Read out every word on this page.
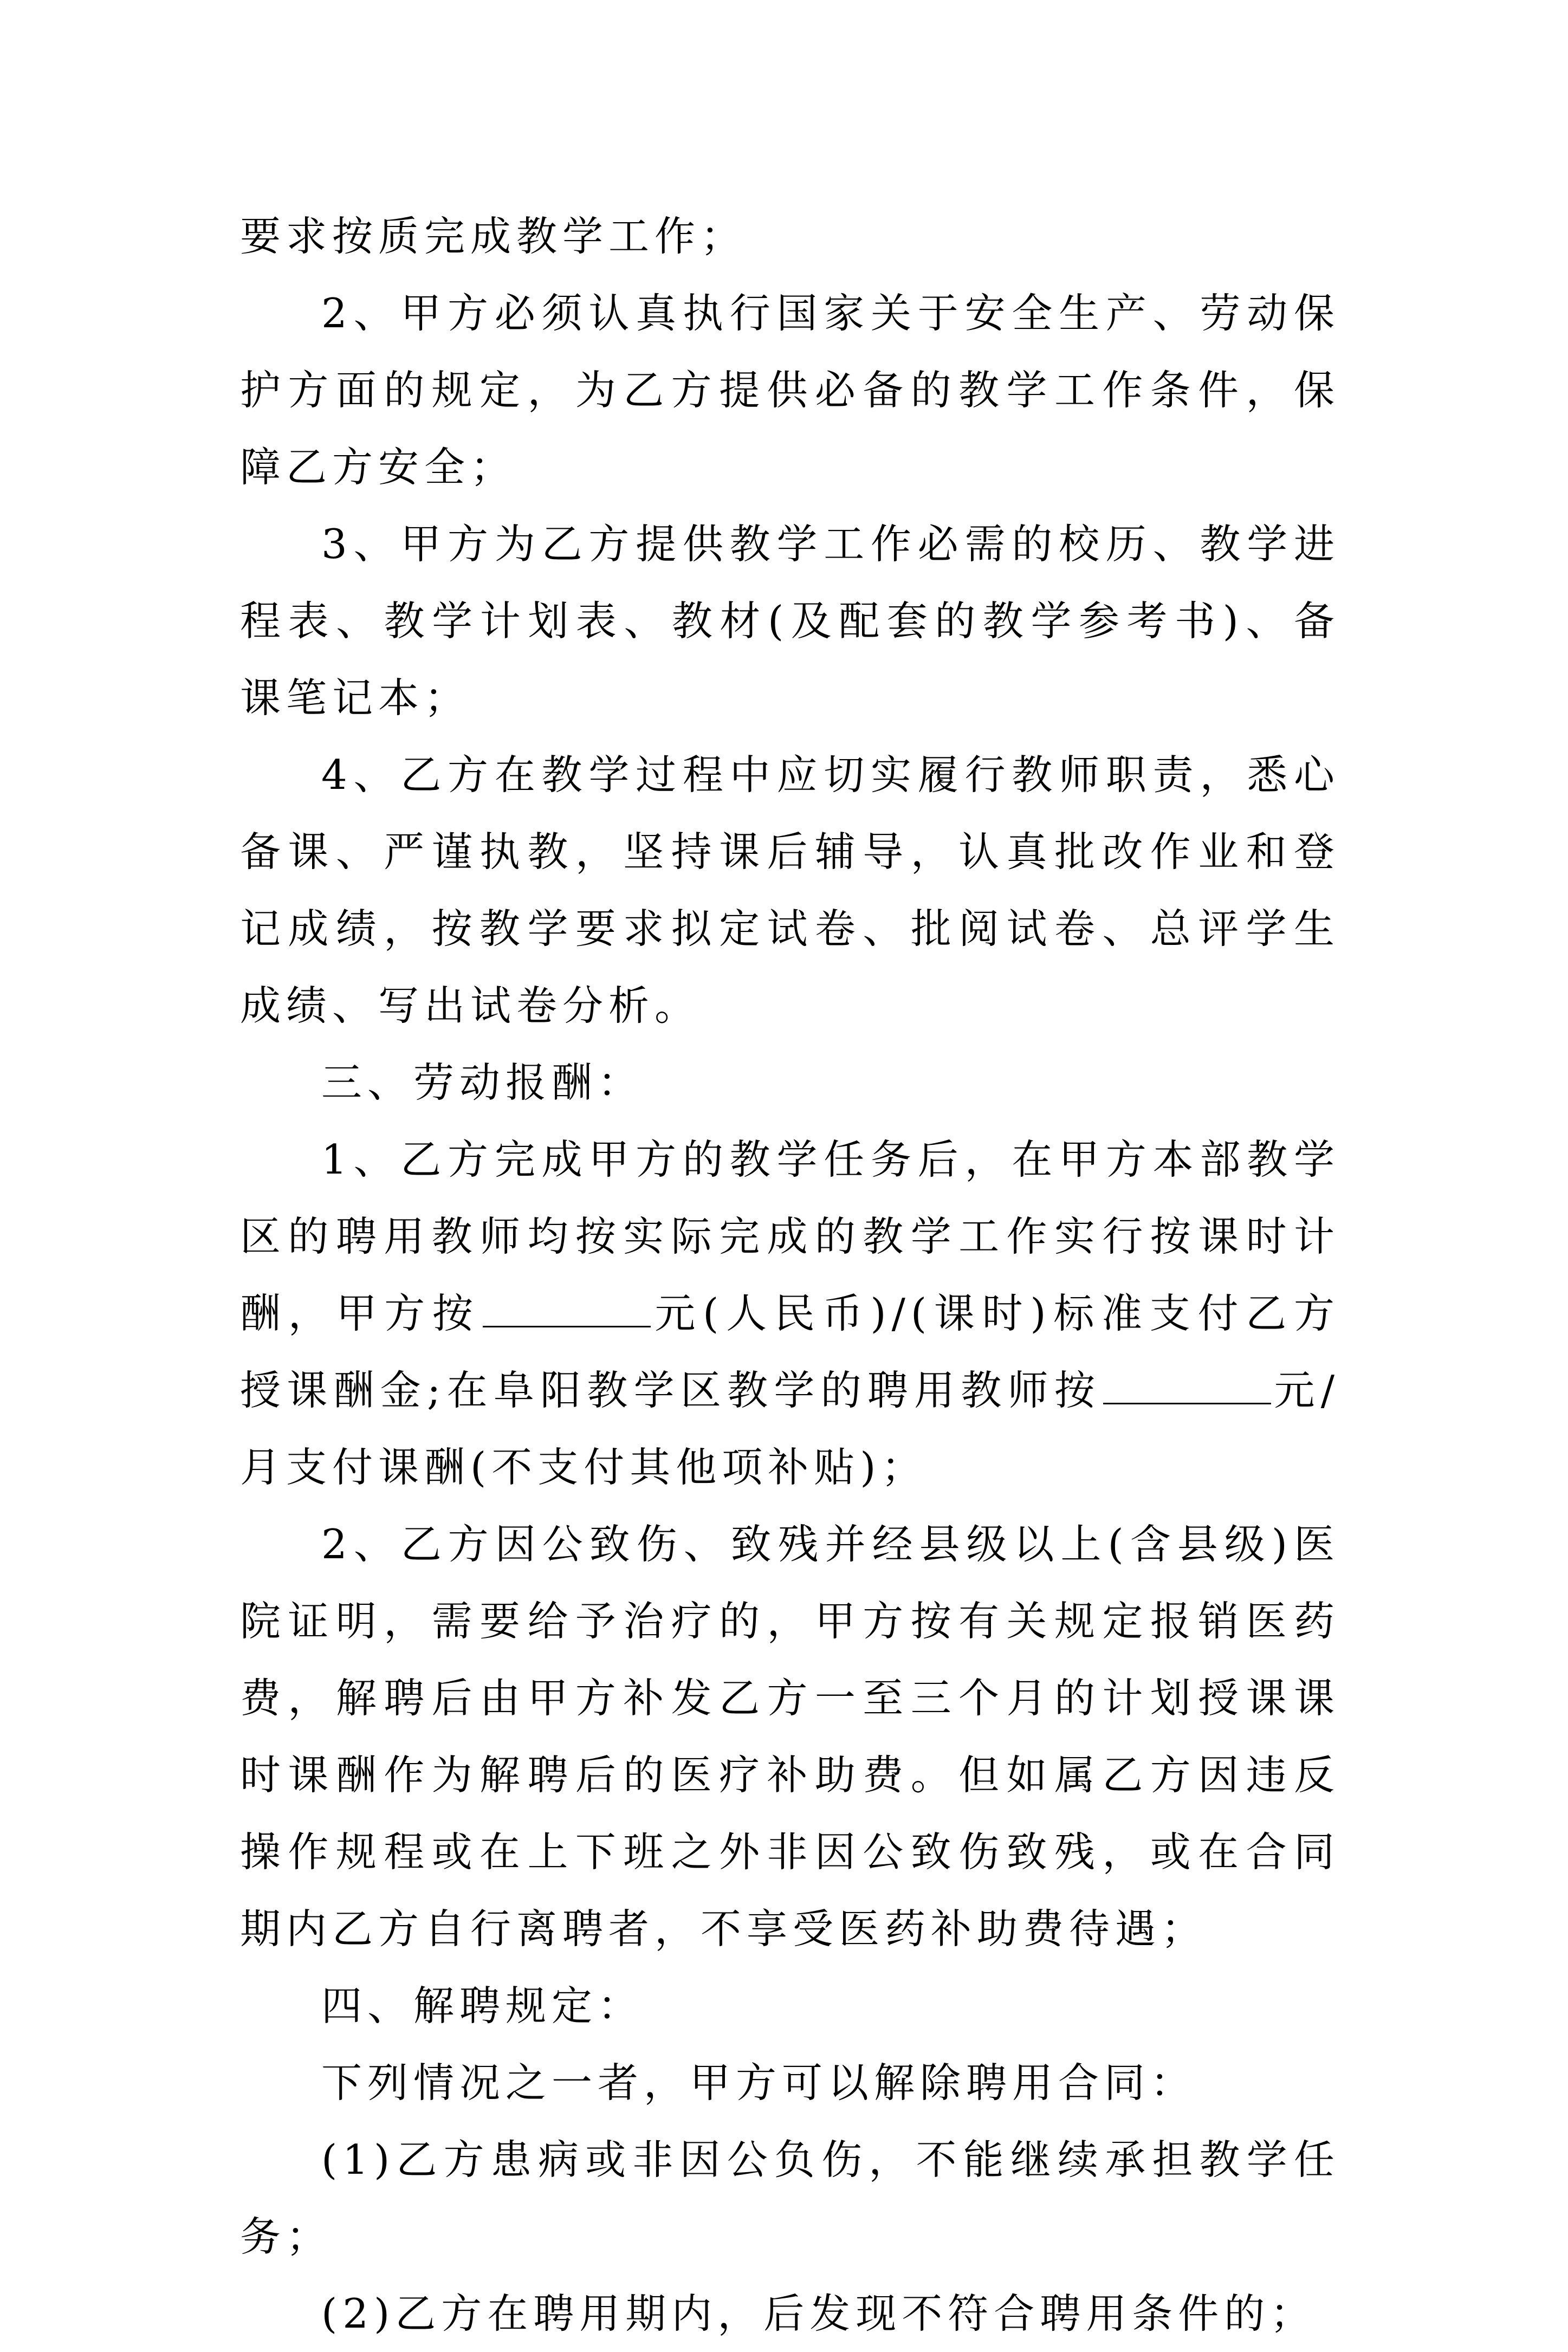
要求按质完成教学工作；

2、甲方必须认真执行国家关于安全生产、劳动保护方面的规定，为乙方提供必备的教学工作条件，保障乙方安全；

3、甲方为乙方提供教学工作必需的校历、教学进程表、教学计划表、教材(及配套的教学参考书)、备课笔记本；

4、乙方在教学过程中应切实履行教师职责，悉心备课、严谨执教，坚持课后辅导，认真批改作业和登记成绩，按教学要求拟定试卷、批阅试卷、总评学生成绩、写出试卷分析。

三、劳动报酬：

1、乙方完成甲方的教学任务后，在甲方本部教学区的聘用教师均按实际完成的教学工作实行按课时计酬，甲方按	元(人民币)/(课时)标准支付乙方授课酬金;在阜阳教学区教学的聘用教师按	元/月支付课酬(不支付其他项补贴)；

2、乙方因公致伤、致残并经县级以上(含县级)医院证明，需要给予治疗的，甲方按有关规定报销医药费，解聘后由甲方补发乙方一至三个月的计划授课课时课酬作为解聘后的医疗补助费。但如属乙方因违反操作规程或在上下班之外非因公致伤致残，或在合同期内乙方自行离聘者，不享受医药补助费待遇；

四、解聘规定：

下列情况之一者，甲方可以解除聘用合同：

(1)乙方患病或非因公负伤，不能继续承担教学任务；

(2)乙方在聘用期内，后发现不符合聘用条件的；
